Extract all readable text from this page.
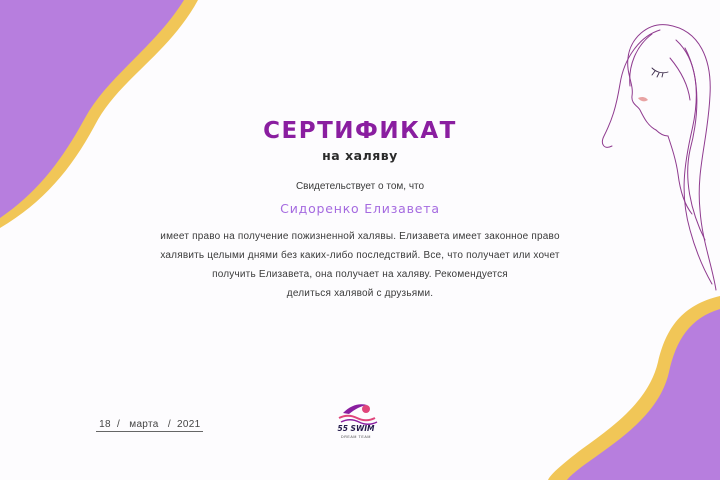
СЕРТИФИКАТ
на халяву
Свидетельствует о том, что
Сидоренко Елизавета
имеет право на получение пожизненной халявы. Елизавета имеет законное право
халявить целыми днями без каких-либо последствий. Все, что получает или хочет
получить Елизавета, она получает на халяву. Рекомендуется
делиться халявой с друзьями.
18  /   марта   /  2021	55 SWIM
DREAM TEAM
